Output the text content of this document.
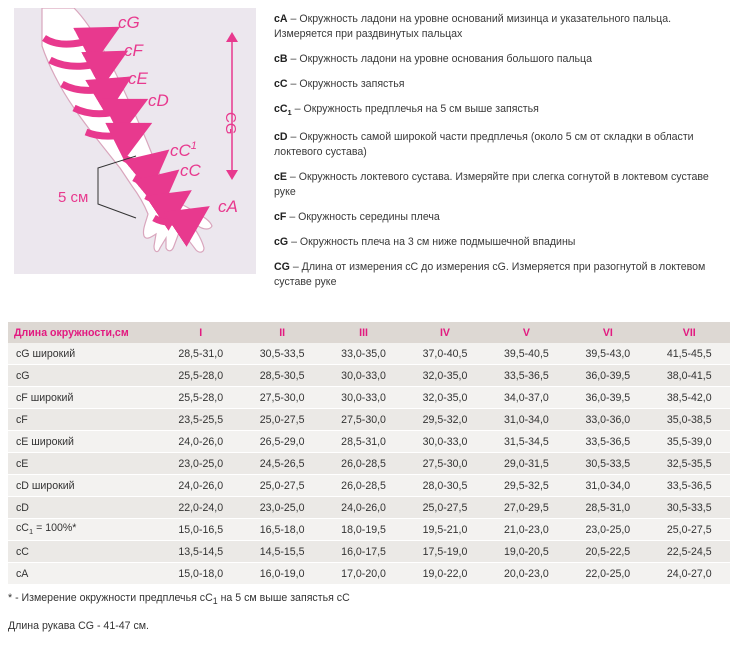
CG
5 см
cG
cF
cE
cD
$cC^1$
cC
cA
cA – Окружность ладони на уровне оснований мизинца и указательного пальца. Измеряется при раздвинутых пальцах
cB – Окружность ладони на уровне основания большого пальца
cC – Окружность запястья
$cC_1$ – Окружность предплечья на 5 см выше запястья
cD – Окружность самой широкой части предплечья (около 5 см от складки в области локтевого сустава)
cE – Окружность локтевого сустава. Измеряйте при слегка согнутой в локтевом суставе руке
cF – Окружность середины плеча
cG – Окружность плеча на 3 см ниже подмышечной впадины
CG – Длина от измерения cC до измерения cG. Измеряется при разогнутой в локтевом суставе руке
Длина окружности,см	I	II	III	IV	V	VI	VII
cG широкий	28,5-31,0	30,5-33,5	33,0-35,0	37,0-40,5	39,5-40,5	39,5-43,0	41,5-45,5
cG	25,5-28,0	28,5-30,5	30,0-33,0	32,0-35,0	33,5-36,5	36,0-39,5	38,0-41,5
cF широкий	25,5-28,0	27,5-30,0	30,0-33,0	32,0-35,0	34,0-37,0	36,0-39,5	38,5-42,0
cF	23,5-25,5	25,0-27,5	27,5-30,0	29,5-32,0	31,0-34,0	33,0-36,0	35,0-38,5
cE широкий	24,0-26,0	26,5-29,0	28,5-31,0	30,0-33,0	31,5-34,5	33,5-36,5	35,5-39,0
cE	23,0-25,0	24,5-26,5	26,0-28,5	27,5-30,0	29,0-31,5	30,5-33,5	32,5-35,5
cD широкий	24,0-26,0	25,0-27,5	26,0-28,5	28,0-30,5	29,5-32,5	31,0-34,0	33,5-36,5
cD	22,0-24,0	23,0-25,0	24,0-26,0	25,0-27,5	27,0-29,5	28,5-31,0	30,5-33,5
$cC_1 = 100\%*$	15,0-16,5	16,5-18,0	18,0-19,5	19,5-21,0	21,0-23,0	23,0-25,0	25,0-27,5
cC	13,5-14,5	14,5-15,5	16,0-17,5	17,5-19,0	19,0-20,5	20,5-22,5	22,5-24,5
cA	15,0-18,0	16,0-19,0	17,0-20,0	19,0-22,0	20,0-23,0	22,0-25,0	24,0-27,0
* - Измерение окружности предплечья $cC_1$ на 5 см выше запястья cC
Длина рукава CG - 41-47 см.
